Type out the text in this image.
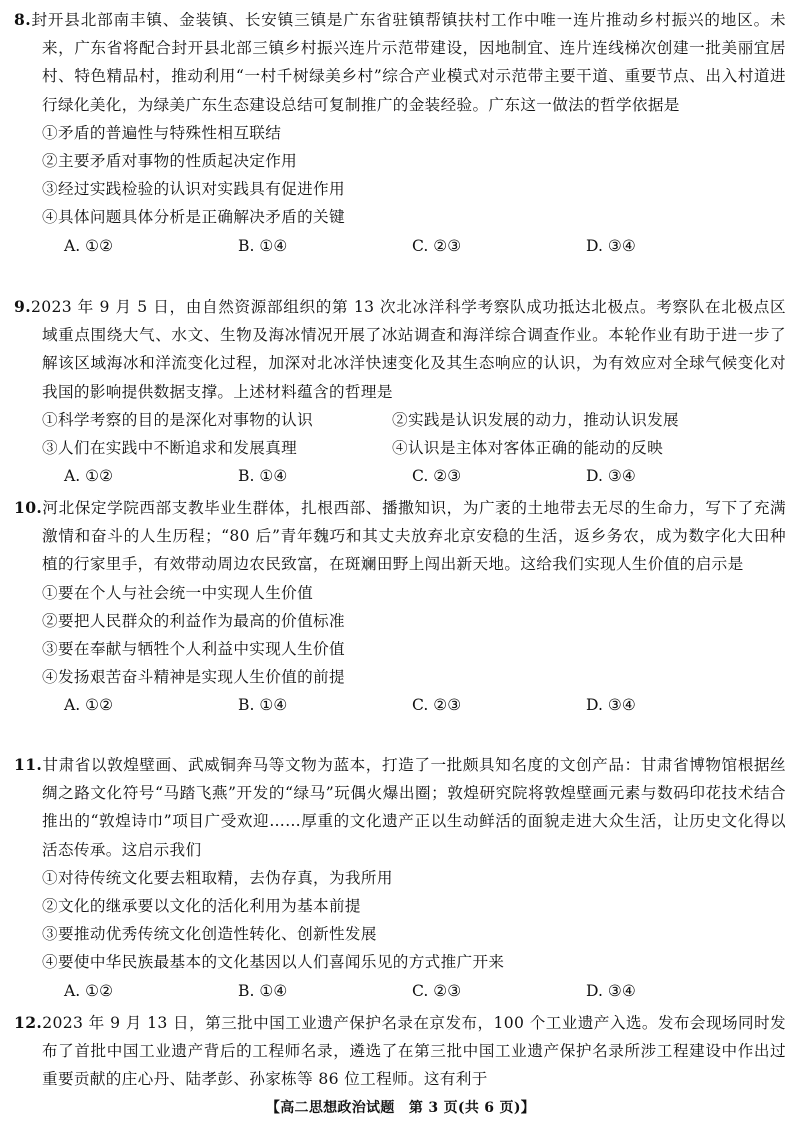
8.封开县北部南丰镇、金装镇、长安镇三镇是广东省驻镇帮镇扶村工作中唯一连片推动乡村振兴的地区。未来，广东省将配合封开县北部三镇乡村振兴连片示范带建设，因地制宜、连片连线梯次创建一批美丽宜居村、特色精品村，推动利用“一村千树绿美乡村”综合产业模式对示范带主要干道、重要节点、出入村道进行绿化美化，为绿美广东生态建设总结可复制推广的金装经验。广东这一做法的哲学依据是

①矛盾的普遍性与特殊性相互联结

②主要矛盾对事物的性质起决定作用

③经过实践检验的认识对实践具有促进作用

④具体问题具体分析是正确解决矛盾的关键

A. ①②	B. ①④	C. ②③	D. ③④

9.2023 年 9 月 5 日，由自然资源部组织的第 13 次北冰洋科学考察队成功抵达北极点。考察队在北极点区域重点围绕大气、水文、生物及海冰情况开展了冰站调查和海洋综合调查作业。本轮作业有助于进一步了解该区域海冰和洋流变化过程，加深对北冰洋快速变化及其生态响应的认识，为有效应对全球气候变化对我国的影响提供数据支撑。上述材料蕴含的哲理是

①科学考察的目的是深化对事物的认识	②实践是认识发展的动力，推动认识发展
③人们在实践中不断追求和发展真理	④认识是主体对客体正确的能动的反映
A. ①②	B. ①④	C. ②③	D. ③④

10.河北保定学院西部支教毕业生群体，扎根西部、播撒知识，为广袤的土地带去无尽的生命力，写下了充满激情和奋斗的人生历程；“80 后”青年魏巧和其丈夫放弃北京安稳的生活，返乡务农，成为数字化大田种植的行家里手，有效带动周边农民致富，在斑斓田野上闯出新天地。这给我们实现人生价值的启示是

①要在个人与社会统一中实现人生价值

②要把人民群众的利益作为最高的价值标准

③要在奉献与牺牲个人利益中实现人生价值

④发扬艰苦奋斗精神是实现人生价值的前提

A. ①②	B. ①④	C. ②③	D. ③④

11.甘肃省以敦煌壁画、武威铜奔马等文物为蓝本，打造了一批颇具知名度的文创产品：甘肃省博物馆根据丝绸之路文化符号“马踏飞燕”开发的“绿马”玩偶火爆出圈；敦煌研究院将敦煌壁画元素与数码印花技术结合推出的“敦煌诗巾”项目广受欢迎……厚重的文化遗产正以生动鲜活的面貌走进大众生活，让历史文化得以活态传承。这启示我们

①对待传统文化要去粗取精，去伪存真，为我所用

②文化的继承要以文化的活化利用为基本前提

③要推动优秀传统文化创造性转化、创新性发展

④要使中华民族最基本的文化基因以人们喜闻乐见的方式推广开来

A. ①②	B. ①④	C. ②③	D. ③④

12.2023 年 9 月 13 日，第三批中国工业遗产保护名录在京发布，100 个工业遗产入选。发布会现场同时发布了首批中国工业遗产背后的工程师名录，遴选了在第三批中国工业遗产保护名录所涉工程建设中作出过重要贡献的庄心丹、陆孝彭、孙家栋等 86 位工程师。这有利于

【高二思想政治试题　第 3 页(共 6 页)】
